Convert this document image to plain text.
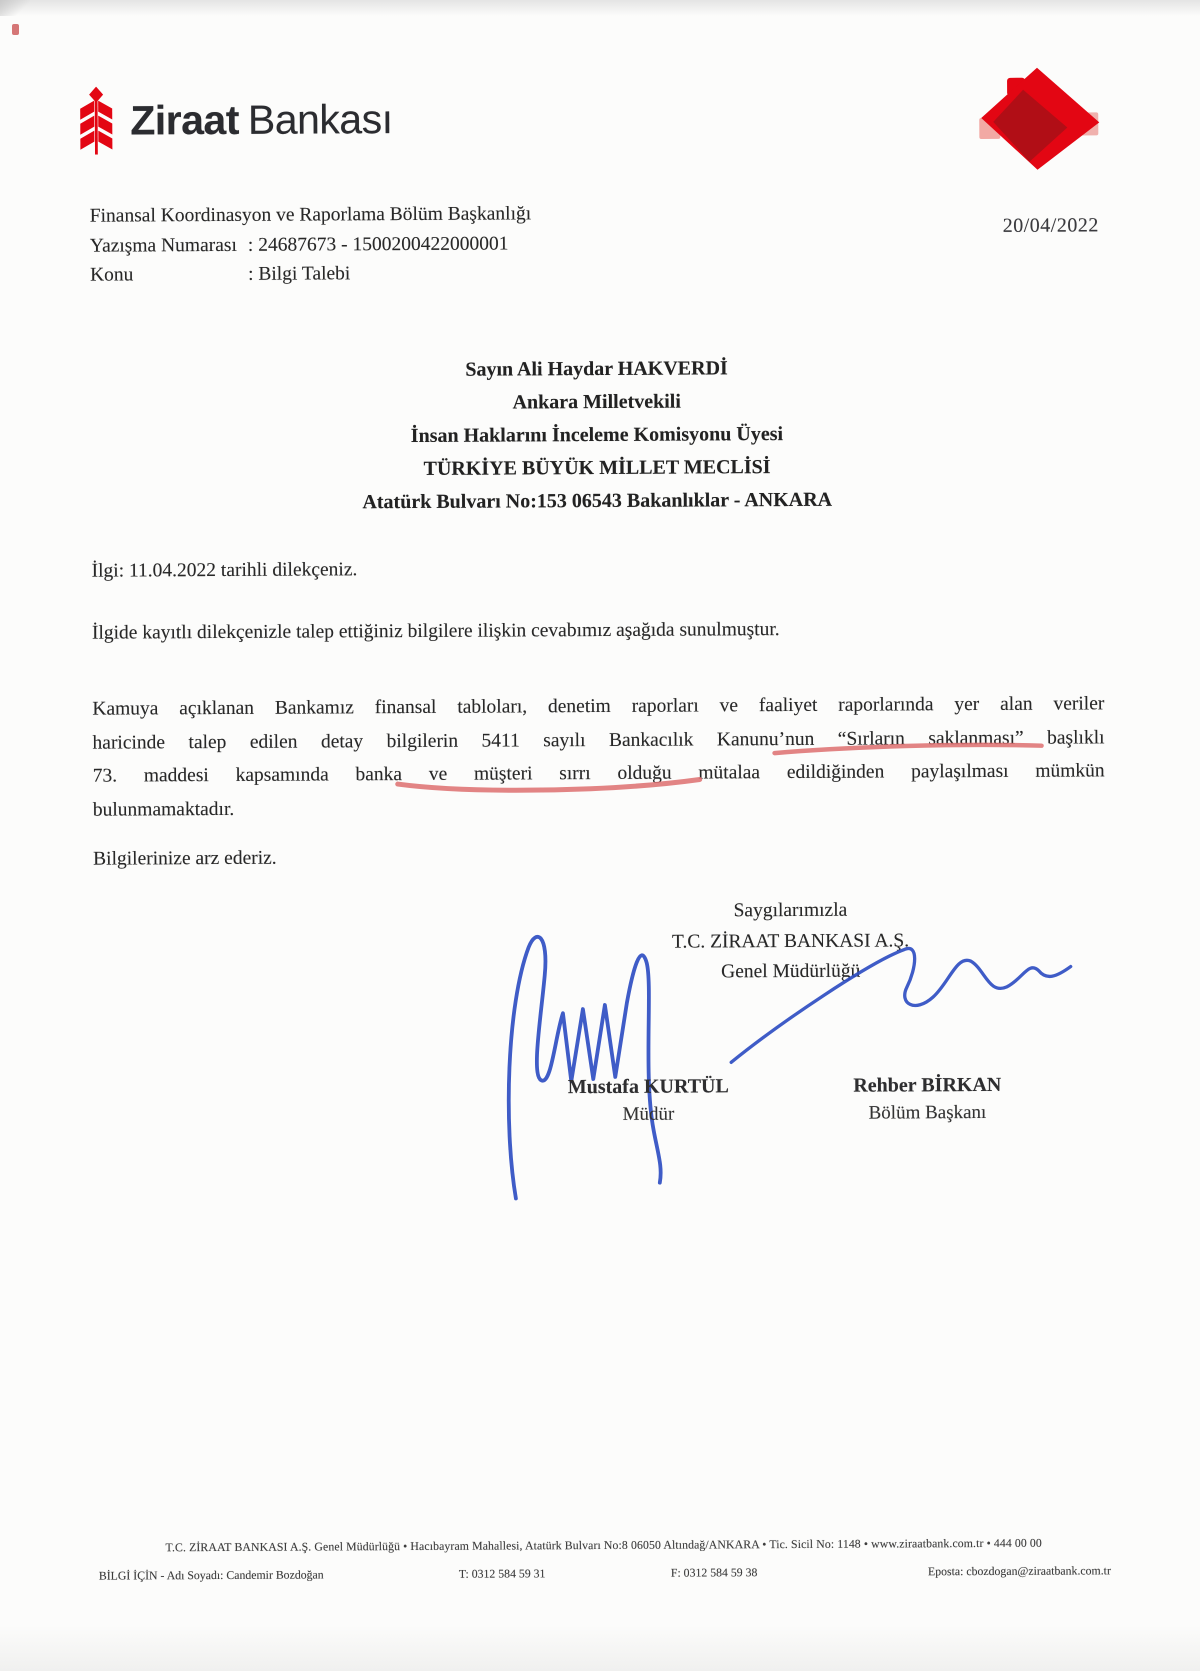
Ziraat Bankası
Finansal Koordinasyon ve Raporlama Bölüm Başkanlığı
Yazışma Numarası : 24687673 - 1500200422000001
Konu	: Bilgi Talebi
20/04/2022
Sayın Ali Haydar HAKVERDİ
Ankara Milletvekili
İnsan Haklarını İnceleme Komisyonu Üyesi
TÜRKİYE BÜYÜK MİLLET MECLİSİ
Atatürk Bulvarı No:153 06543 Bakanlıklar - ANKARA
İlgi: 11.04.2022 tarihli dilekçeniz.
İlgide kayıtlı dilekçenizle talep ettiğiniz bilgilere ilişkin cevabımız aşağıda sunulmuştur.
Kamuya açıklanan Bankamız finansal tabloları, denetim raporları ve faaliyet raporlarında yer alan veriler
haricinde talep edilen detay bilgilerin 5411 sayılı Bankacılık Kanunu’nun “Sırların saklanması” başlıklı
73. maddesi kapsamında banka ve müşteri sırrı olduğu mütalaa edildiğinden paylaşılması mümkün
bulunmamaktadır.
Bilgilerinize arz ederiz.
Saygılarımızla
T.C. ZİRAAT BANKASI A.Ş.
Genel Müdürlüğü
Mustafa KURTÜL
Müdür
Rehber BİRKAN
Bölüm Başkanı
T.C. ZİRAAT BANKASI A.Ş. Genel Müdürlüğü • Hacıbayram Mahallesi, Atatürk Bulvarı No:8 06050 Altındağ/ANKARA • Tic. Sicil No: 1148 • www.ziraatbank.com.tr • 444 00 00
BİLGİ İÇİN - Adı Soyadı: Candemir Bozdoğan	T: 0312 584 59 31	F: 0312 584 59 38	Eposta: cbozdogan@ziraatbank.com.tr
